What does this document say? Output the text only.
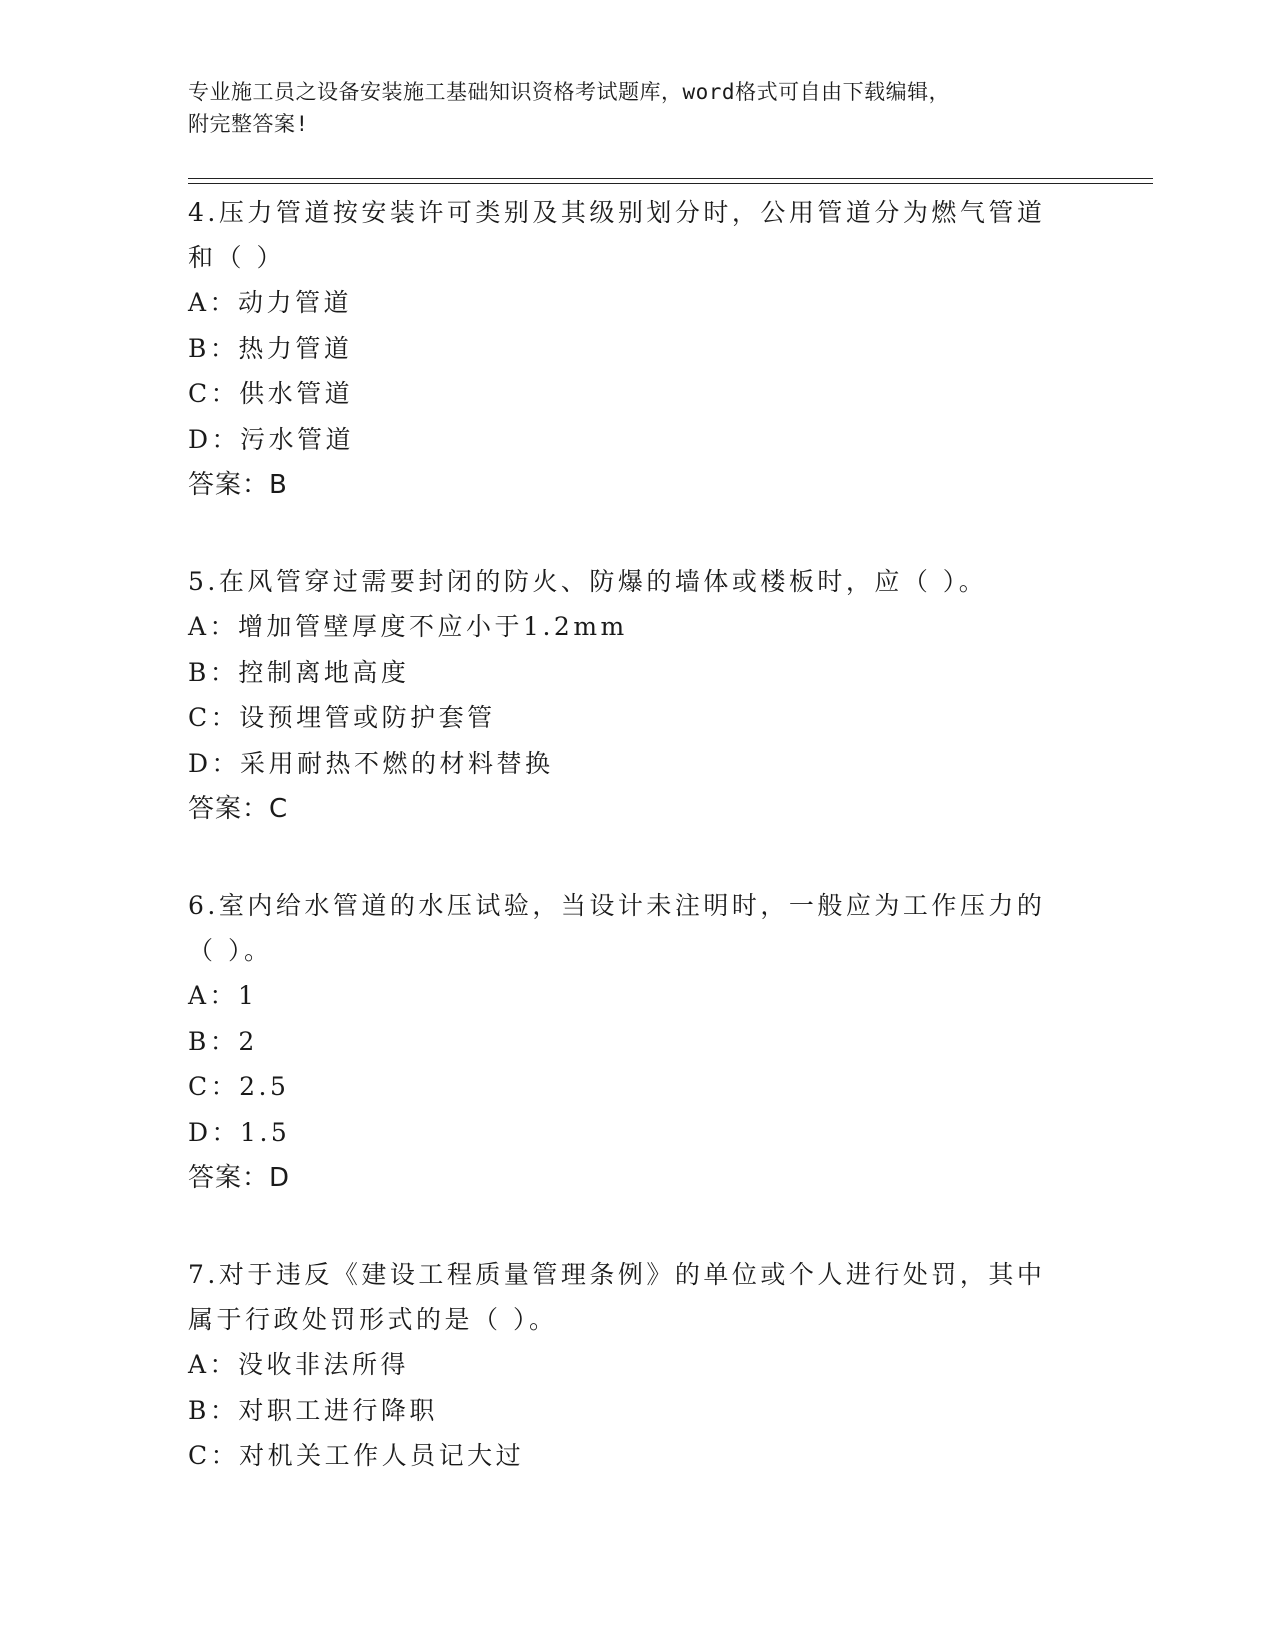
专业施工员之设备安装施工基础知识资格考试题库，word格式可自由下载编辑，
附完整答案!

4.压力管道按安装许可类别及其级别划分时，公用管道分为燃气管道

和（ ）

A：动力管道

B：热力管道

C：供水管道

D：污水管道

答案：B

5.在风管穿过需要封闭的防火、防爆的墙体或楼板时，应（ ）。

A：增加管壁厚度不应小于1.2mm

B：控制离地高度

C：设预埋管或防护套管

D：采用耐热不燃的材料替换

答案：C

6.室内给水管道的水压试验，当设计未注明时，一般应为工作压力的

（ ）。

A：1

B：2

C：2.5

D：1.5

答案：D

7.对于违反《建设工程质量管理条例》的单位或个人进行处罚，其中

属于行政处罚形式的是（ ）。

A：没收非法所得

B：对职工进行降职

C：对机关工作人员记大过
